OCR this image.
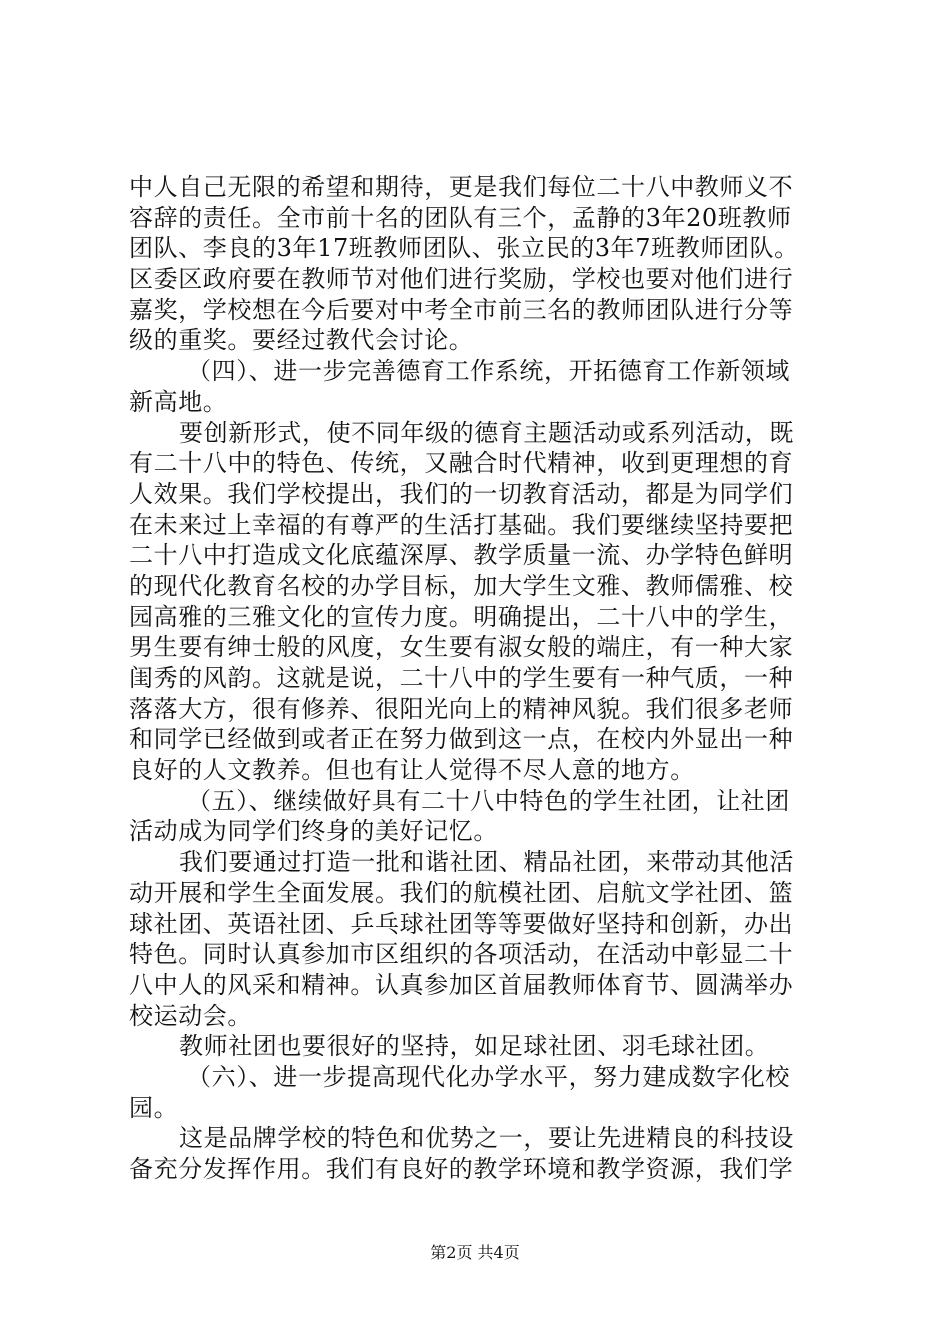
中人自己无限的希望和期待，更是我们每位二十八中教师义不
容辞的责任。全市前十名的团队有三个，孟静的3年20班教师
团队、李良的3年17班教师团队、张立民的3年7班教师团队。
区委区政府要在教师节对他们进行奖励，学校也要对他们进行
嘉奖，学校想在今后要对中考全市前三名的教师团队进行分等
级的重奖。要经过教代会讨论。
（四）、进一步完善德育工作系统，开拓德育工作新领域
新高地。
要创新形式，使不同年级的德育主题活动或系列活动，既
有二十八中的特色、传统，又融合时代精神，收到更理想的育
人效果。我们学校提出，我们的一切教育活动，都是为同学们
在未来过上幸福的有尊严的生活打基础。我们要继续坚持要把
二十八中打造成文化底蕴深厚、教学质量一流、办学特色鲜明
的现代化教育名校的办学目标，加大学生文雅、教师儒雅、校
园高雅的三雅文化的宣传力度。明确提出，二十八中的学生，
男生要有绅士般的风度，女生要有淑女般的端庄，有一种大家
闺秀的风韵。这就是说，二十八中的学生要有一种气质，一种
落落大方，很有修养、很阳光向上的精神风貌。我们很多老师
和同学已经做到或者正在努力做到这一点，在校内外显出一种
良好的人文教养。但也有让人觉得不尽人意的地方。
（五）、继续做好具有二十八中特色的学生社团，让社团
活动成为同学们终身的美好记忆。
我们要通过打造一批和谐社团、精品社团，来带动其他活
动开展和学生全面发展。我们的航模社团、启航文学社团、篮
球社团、英语社团、乒乓球社团等等要做好坚持和创新，办出
特色。同时认真参加市区组织的各项活动，在活动中彰显二十
八中人的风采和精神。认真参加区首届教师体育节、圆满举办
校运动会。
教师社团也要很好的坚持，如足球社团、羽毛球社团。
（六）、进一步提高现代化办学水平，努力建成数字化校
园。
这是品牌学校的特色和优势之一，要让先进精良的科技设
备充分发挥作用。我们有良好的教学环境和教学资源，我们学
第2页 共4页
